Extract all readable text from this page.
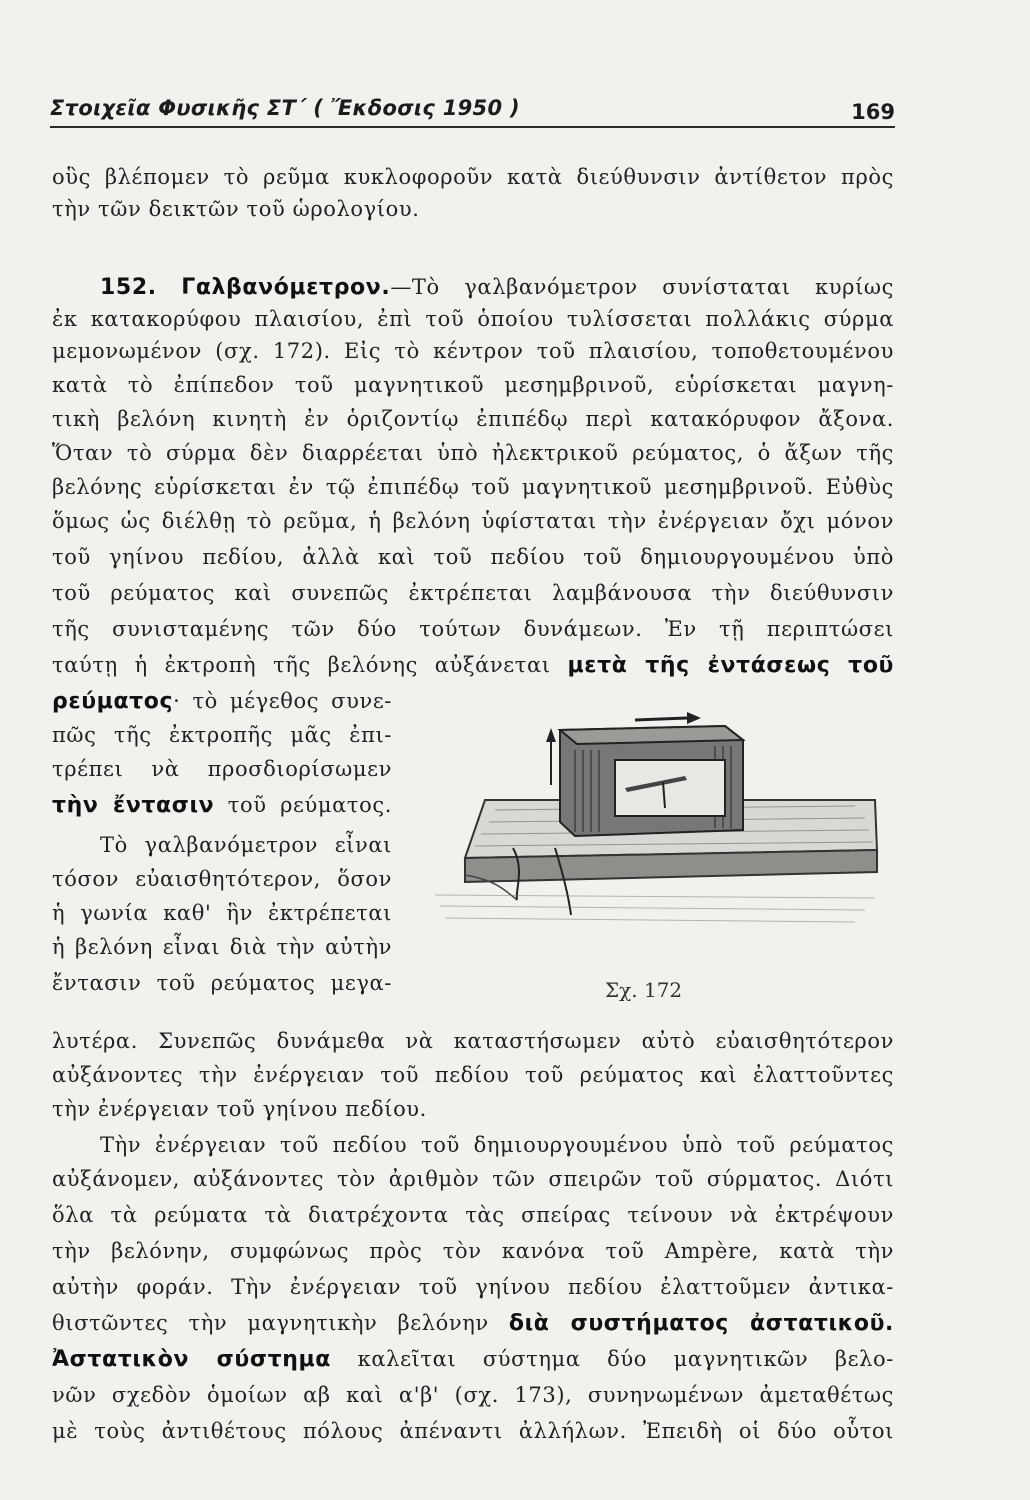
Στοιχεῖα Φυσικῆς ΣΤ΄ ( Ἔκδοσις 1950 )	169
οὓς βλέπομεν τὸ ρεῦμα κυκλοφοροῦν κατὰ διεύθυνσιν ἀντίθετον πρὸς
τὴν τῶν δεικτῶν τοῦ ὡρολογίου.
152. Γαλβανόμετρον.—Τὸ γαλβανόμετρον συνίσταται κυρίως
ἐκ κατακορύφου πλαισίου, ἐπὶ τοῦ ὁποίου τυλίσσεται πολλάκις σύρμα
μεμονωμένον (σχ. 172). Εἰς τὸ κέντρον τοῦ πλαισίου, τοποθετουμένου
κατὰ τὸ ἐπίπεδον τοῦ μαγνητικοῦ μεσημβρινοῦ, εὑρίσκεται μαγνη-
τικὴ βελόνη κινητὴ ἐν ὁριζοντίῳ ἐπιπέδῳ περὶ κατακόρυφον ἄξονα.
Ὅταν τὸ σύρμα δὲν διαρρέεται ὑπὸ ἠλεκτρικοῦ ρεύματος, ὁ ἄξων τῆς
βελόνης εὑρίσκεται ἐν τῷ ἐπιπέδῳ τοῦ μαγνητικοῦ μεσημβρινοῦ. Εὐθὺς
ὅμως ὡς διέλθῃ τὸ ρεῦμα, ἡ βελόνη ὑφίσταται τὴν ἐνέργειαν ὄχι μόνον
τοῦ γηίνου πεδίου, ἀλλὰ καὶ τοῦ πεδίου τοῦ δημιουργουμένου ὑπὸ
τοῦ ρεύματος καὶ συνεπῶς ἐκτρέπεται λαμβάνουσα τὴν διεύθυνσιν
τῆς συνισταμένης τῶν δύο τούτων δυνάμεων. Ἐν τῇ περιπτώσει
ταύτῃ ἡ ἐκτροπὴ τῆς βελόνης αὐξάνεται μετὰ τῆς ἐντάσεως τοῦ
ρεύματος· τὸ μέγεθος συνε-
πῶς τῆς ἐκτροπῆς μᾶς ἐπι-
τρέπει νὰ προσδιορίσωμεν
τὴν ἔντασιν τοῦ ρεύματος.
Τὸ γαλβανόμετρον εἶναι
τόσον εὐαισθητότερον, ὅσον
ἡ γωνία καθ' ἣν ἐκτρέπεται
ἡ βελόνη εἶναι διὰ τὴν αὐτὴν
ἔντασιν τοῦ ρεύματος μεγα-	Σχ. 172
λυτέρα. Συνεπῶς δυνάμεθα νὰ καταστήσωμεν αὐτὸ εὐαισθητότερον
αὐξάνοντες τὴν ἐνέργειαν τοῦ πεδίου τοῦ ρεύματος καὶ ἐλαττοῦντες
τὴν ἐνέργειαν τοῦ γηίνου πεδίου.
Τὴν ἐνέργειαν τοῦ πεδίου τοῦ δημιουργουμένου ὑπὸ τοῦ ρεύματος
αὐξάνομεν, αὐξάνοντες τὸν ἀριθμὸν τῶν σπειρῶν τοῦ σύρματος. Διότι
ὅλα τὰ ρεύματα τὰ διατρέχοντα τὰς σπείρας τείνουν νὰ ἐκτρέψουν
τὴν βελόνην, συμφώνως πρὸς τὸν κανόνα τοῦ Ampère, κατὰ τὴν
αὐτὴν φοράν. Τὴν ἐνέργειαν τοῦ γηίνου πεδίου ἐλαττοῦμεν ἀντικα-
θιστῶντες τὴν μαγνητικὴν βελόνην διὰ συστήματος ἀστατικοῦ.
Ἀστατικὸν σύστημα καλεῖται σύστημα δύο μαγνητικῶν βελο-
νῶν σχεδὸν ὁμοίων αβ καὶ α'β' (σχ. 173), συνηνωμένων ἀμεταθέτως
μὲ τοὺς ἀντιθέτους πόλους ἀπέναντι ἀλλήλων. Ἐπειδὴ οἱ δύο οὗτοι
